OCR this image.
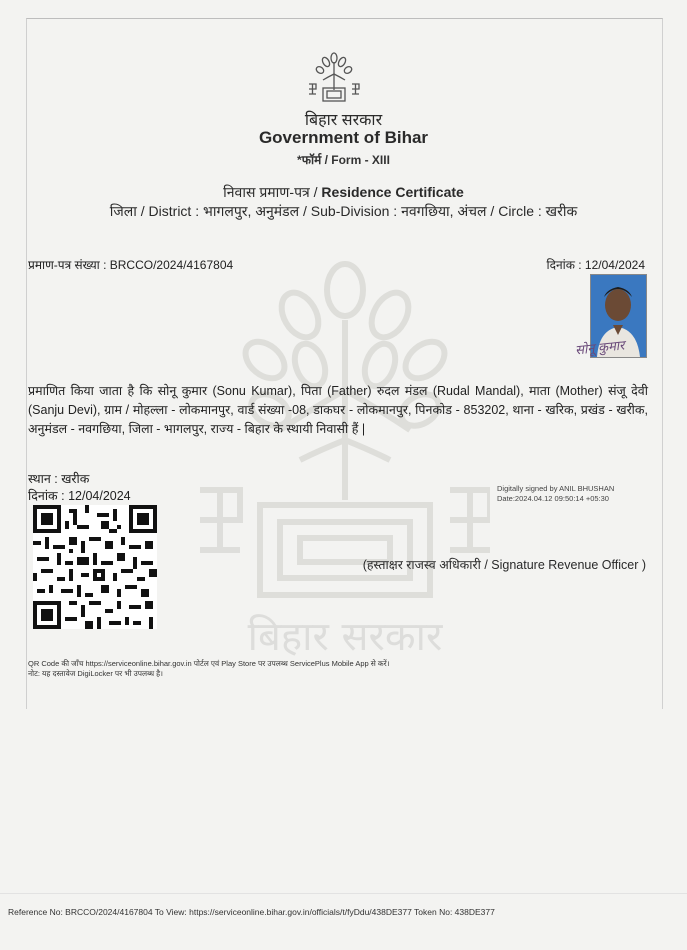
बिहार सरकार
बिहार सरकार
Government of Bihar
*फॉर्म / Form - XIII
निवास प्रमाण-पत्र / Residence Certificate
जिला / District : भागलपुर, अनुमंडल / Sub-Division : नवगछिया, अंचल / Circle : खरीक
प्रमाण-पत्र संख्या : BRCCO/2024/4167804	दिनांक : 12/04/2024
सोनू कुमार
प्रमाणित किया जाता है कि सोनू कुमार (Sonu Kumar), पिता (Father) रुदल मंडल (Rudal Mandal), माता (Mother) संजू देवी (Sanju Devi), ग्राम / मोहल्ला - लोकमानपुर, वार्ड संख्या -08, डाकघर - लोकमानपुर, पिनकोड - 853202, थाना - खरिक, प्रखंड - खरीक, अनुमंडल - नवगछिया, जिला - भागलपुर, राज्य - बिहार के स्थायी निवासी हैं |
स्थान : खरीक
दिनांक : 12/04/2024
Digitally signed by ANIL BHUSHAN
Date:2024.04.12 09:50:14 +05:30
(हस्ताक्षर राजस्व अधिकारी / Signature Revenue Officer )
QR Code की जाँच https://serviceonline.bihar.gov.in पोर्टल एवं Play Store पर उपलब्ध ServicePlus Mobile App से करें।
नोट: यह दस्तावेज DigiLocker पर भी उपलब्ध है।
Reference No: BRCCO/2024/4167804 To View: https://serviceonline.bihar.gov.in/officials/t/fyDdu/438DE377 Token No: 438DE377
